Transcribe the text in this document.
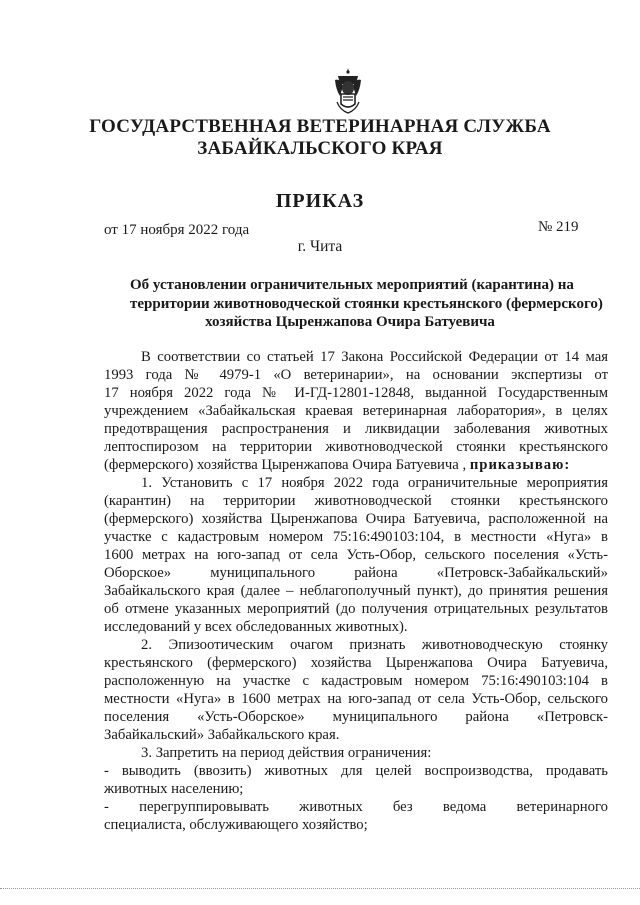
ГОСУДАРСТВЕННАЯ ВЕТЕРИНАРНАЯ СЛУЖБА
ЗАБАЙКАЛЬСКОГО КРАЯ
ПРИКАЗ
от 17 ноября 2022 года	№ 219
г. Чита
Об установлении ограничительных мероприятий (карантина) на
территории животноводческой стоянки крестьянского (фермерского)
хозяйства Цыренжапова Очира Батуевича
В соответствии со статьей 17 Закона Российской Федерации от 14 мая
1993 года № 4979-1 «О ветеринарии», на основании экспертизы от
17 ноября 2022 года № И-ГД-12801-12848, выданной Государственным
учреждением «Забайкальская краевая ветеринарная лаборатория», в целях
предотвращения распространения и ликвидации заболевания животных
лептоспирозом на территории животноводческой стоянки крестьянского
(фермерского) хозяйства Цыренжапова Очира Батуевича , приказываю:
1. Установить с 17 ноября 2022 года ограничительные мероприятия
(карантин) на территории животноводческой стоянки крестьянского
(фермерского) хозяйства Цыренжапова Очира Батуевича, расположенной на
участке с кадастровым номером 75:16:490103:104, в местности «Нуга» в
1600 метрах на юго-запад от села Усть-Обор, сельского поселения «Усть-
Оборское» муниципального района «Петровск-Забайкальский»
Забайкальского края (далее – неблагополучный пункт), до принятия решения
об отмене указанных мероприятий (до получения отрицательных результатов
исследований у всех обследованных животных).
2. Эпизоотическим очагом признать животноводческую стоянку
крестьянского (фермерского) хозяйства Цыренжапова Очира Батуевича,
расположенную на участке с кадастровым номером 75:16:490103:104 в
местности «Нуга» в 1600 метрах на юго-запад от села Усть-Обор, сельского
поселения «Усть-Оборское» муниципального района «Петровск-
Забайкальский» Забайкальского края.
3. Запретить на период действия ограничения:
- выводить (ввозить) животных для целей воспроизводства, продавать
животных населению;
- перегруппировывать животных без ведома ветеринарного
специалиста, обслуживающего хозяйство;
